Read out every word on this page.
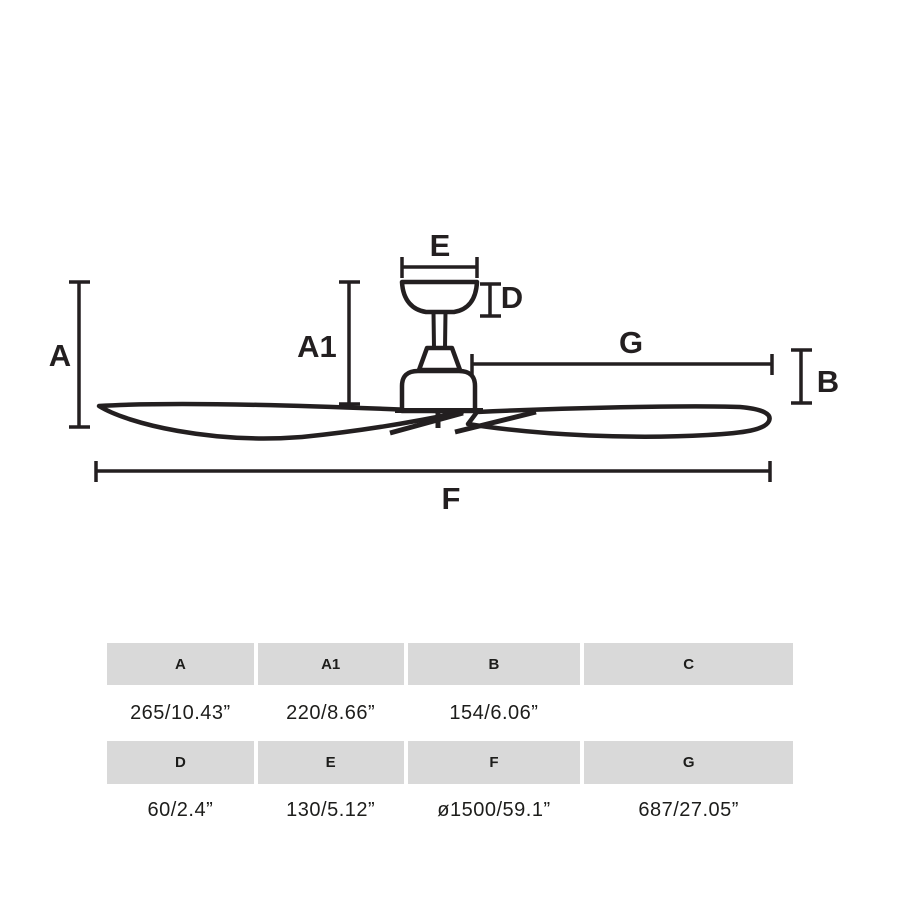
A	A1
E
D
G
B
F
A	A1	B	C
265/10.43”	220/8.66”	154/6.06”
D	E	F	G
60/2.4”	130/5.12”	ø1500/59.1”	687/27.05”
